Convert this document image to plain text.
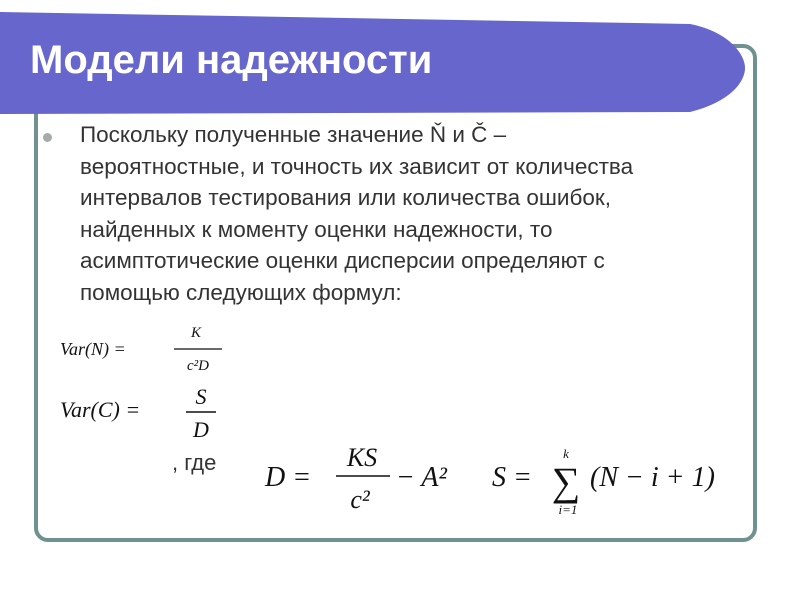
Модели надежности
Поскольку полученные значение Ň и Č –
вероятностные, и точность их зависит от количества
интервалов тестирования или количества ошибок,
найденных к моменту оценки надежности, то
асимптотические оценки дисперсии определяют с
помощью следующих формул:
Var(N) =
K
c²D
Var(C) =
S
D
D =
KS
c²
− A² S =
k
∑
i=1
(N − i + 1)
, где
